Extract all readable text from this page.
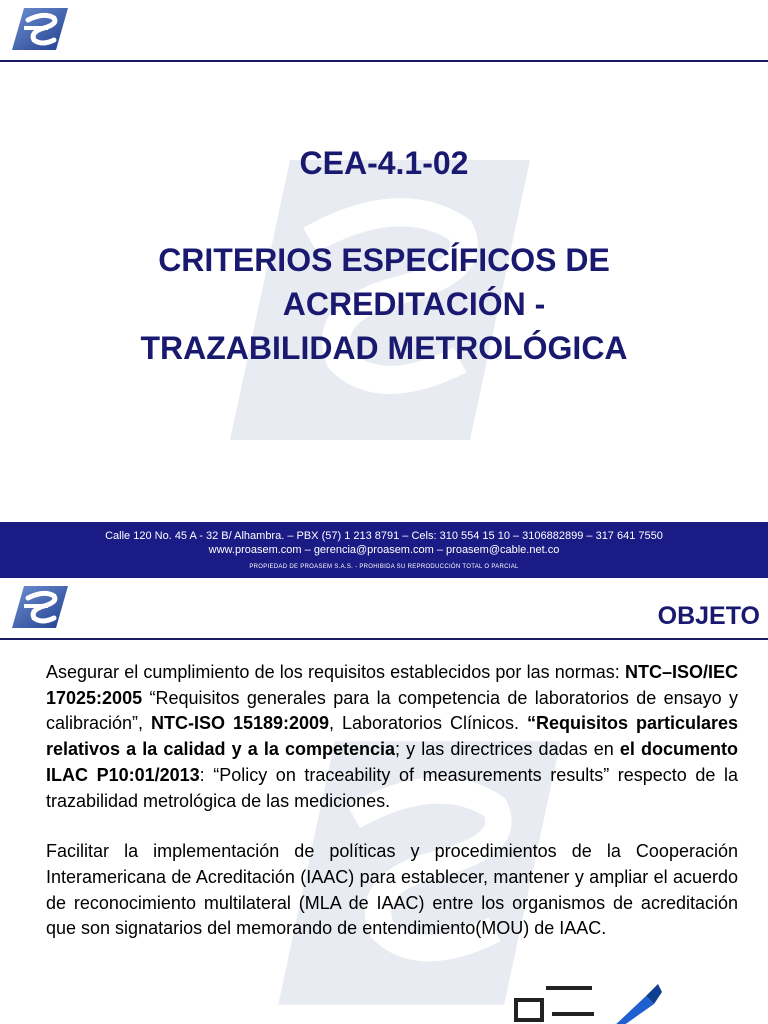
CEA-4.1-02
CRITERIOS ESPECÍFICOS DE
ACREDITACIÓN -
TRAZABILIDAD METROLÓGICA
Calle 120 No. 45 A - 32 B/ Alhambra. – PBX (57) 1 213 8791 – Cels: 310 554 15 10 – 3106882899 – 317 641 7550
www.proasem.com – gerencia@proasem.com – proasem@cable.net.co
PROPIEDAD DE PROASEM S.A.S. - PROHIBIDA SU REPRODUCCIÓN TOTAL O PARCIAL
OBJETO

Asegurar el cumplimiento de los requisitos establecidos por las normas: NTC–ISO/IEC 17025:2005 “Requisitos generales para la competencia de laboratorios de ensayo y calibración”, NTC-ISO 15189:2009, Laboratorios Clínicos. “Requisitos particulares relativos a la calidad y a la competencia; y las directrices dadas en el documento ILAC P10:01/2013: “Policy on traceability of measurements results” respecto de la trazabilidad metrológica de las mediciones.

Facilitar la implementación de políticas y procedimientos de la Cooperación Interamericana de Acreditación (IAAC) para establecer, mantener y ampliar el acuerdo de reconocimiento multilateral (MLA de IAAC) entre los organismos de acreditación que son signatarios del memorando de entendimiento(MOU) de IAAC.
